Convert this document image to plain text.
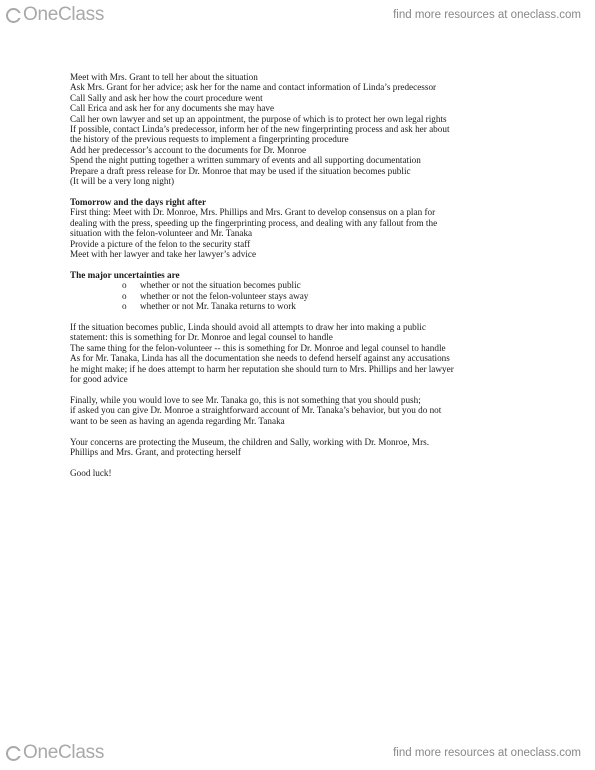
OneClass	find more resources at oneclass.com
Meet with Mrs. Grant to tell her about the situation
Ask Mrs. Grant for her advice; ask her for the name and contact information of Linda’s predecessor
Call Sally and ask her how the court procedure went
Call Erica and ask her for any documents she may have
Call her own lawyer and set up an appointment, the purpose of which is to protect her own legal rights
If possible, contact Linda’s predecessor, inform her of the new fingerprinting process and ask her about
the history of the previous requests to implement a fingerprinting procedure
Add her predecessor’s account to the documents for Dr. Monroe
Spend the night putting together a written summary of events and all supporting documentation
Prepare a draft press release for Dr. Monroe that may be used if the situation becomes public
(It will be a very long night)
Tomorrow and the days right after
First thing: Meet with Dr. Monroe, Mrs. Phillips and Mrs. Grant to develop consensus on a plan for
dealing with the press, speeding up the fingerprinting process, and dealing with any fallout from the
situation with the felon-volunteer and Mr. Tanaka
Provide a picture of the felon to the security staff
Meet with her lawyer and take her lawyer’s advice
The major uncertainties are
o whether or not the situation becomes public
o whether or not the felon-volunteer stays away
o whether or not Mr. Tanaka returns to work
If the situation becomes public, Linda should avoid all attempts to draw her into making a public
statement: this is something for Dr. Monroe and legal counsel to handle
The same thing for the felon-volunteer -- this is something for Dr. Monroe and legal counsel to handle
As for Mr. Tanaka, Linda has all the documentation she needs to defend herself against any accusations
he might make; if he does attempt to harm her reputation she should turn to Mrs. Phillips and her lawyer
for good advice
Finally, while you would love to see Mr. Tanaka go, this is not something that you should push;
if asked you can give Dr. Monroe a straightforward account of Mr. Tanaka’s behavior, but you do not
want to be seen as having an agenda regarding Mr. Tanaka
Your concerns are protecting the Museum, the children and Sally, working with Dr. Monroe, Mrs.
Phillips and Mrs. Grant, and protecting herself
Good luck!
OneClass	find more resources at oneclass.com
